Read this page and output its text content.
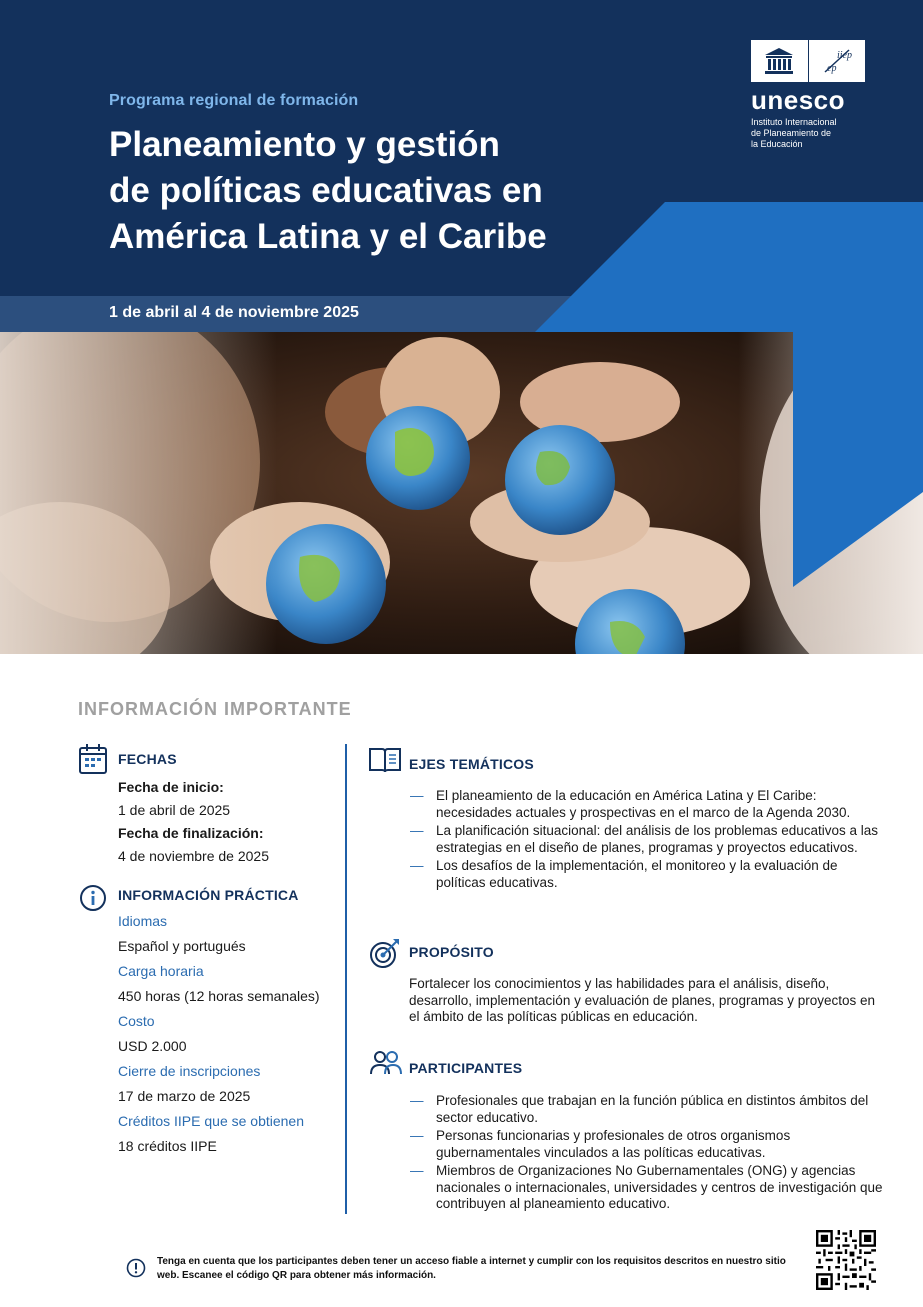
Programa regional de formación
Planeamiento y gestión
de políticas educativas en
América Latina y el Caribe
1 de abril al 4 de noviembre 2025
iiep
ep
unesco
Instituto Internacional
de Planeamiento de
la Educación
INFORMACIÓN IMPORTANTE
FECHAS
Fecha de inicio:
1 de abril de 2025
Fecha de finalización:
4 de noviembre de 2025
INFORMACIÓN PRÁCTICA
Idiomas
Español y portugués
Carga horaria
450 horas (12 horas semanales)
Costo
USD 2.000
Cierre de inscripciones
17 de marzo de 2025
Créditos IIPE que se obtienen
18 créditos IIPE
EJES TEMÁTICOS
— El planeamiento de la educación en América Latina y El Caribe: necesidades actuales y prospectivas en el marco de la Agenda 2030.
— La planificación situacional: del análisis de los problemas educativos a las estrategias en el diseño de planes, programas y proyectos educativos.
— Los desafíos de la implementación, el monitoreo y la evaluación de políticas educativas.
PROPÓSITO
Fortalecer los conocimientos y las habilidades para el análisis, diseño, desarrollo, implementación y evaluación de planes, programas y proyectos en el ámbito de las políticas públicas en educación.
PARTICIPANTES
— Profesionales que trabajan en la función pública en distintos ámbitos del sector educativo.
— Personas funcionarias y profesionales de otros organismos gubernamentales vinculados a las políticas educativas.
— Miembros de Organizaciones No Gubernamentales (ONG) y agencias nacionales o internacionales, universidades y centros de investigación que contribuyen al planeamiento educativo.
Tenga en cuenta que los participantes deben tener un acceso fiable a internet y cumplir con los requisitos descritos en nuestro sitio web. Escanee el código QR para obtener más información.
